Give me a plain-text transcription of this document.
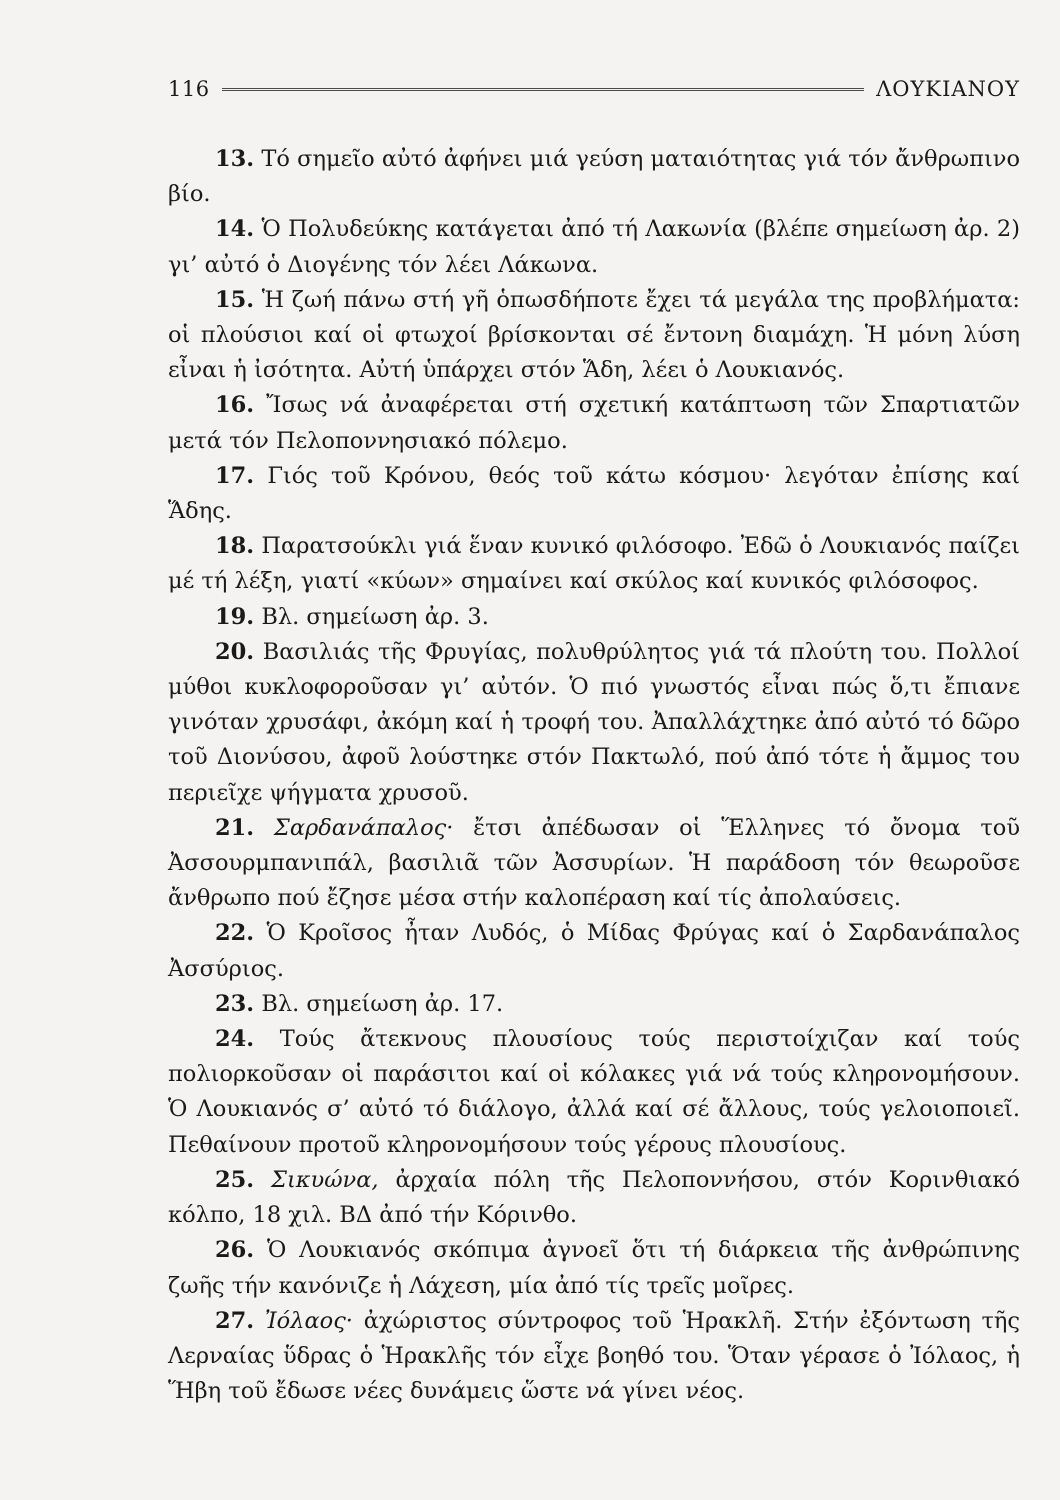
116	ΛΟΥΚΙΑΝΟΥ

13. Τό σημεῖο αὐτό ἀφήνει μιά γεύση ματαιότητας γιά τόν ἄνθρωπινο βίο.

14. Ὁ Πολυδεύκης κατάγεται ἀπό τή Λακωνία (βλέπε σημείωση ἀρ. 2) γι’ αὐτό ὁ Διογένης τόν λέει Λάκωνα.

15. Ἡ ζωή πάνω στή γῆ ὁπωσδήποτε ἔχει τά μεγάλα της προβλήματα: οἱ πλούσιοι καί οἱ φτωχοί βρίσκονται σέ ἔντονη διαμάχη. Ἡ μόνη λύση εἶναι ἡ ἰσότητα. Αὐτή ὑπάρχει στόν Ἅδη, λέει ὁ Λουκιανός.

16. Ἴσως νά ἀναφέρεται στή σχετική κατάπτωση τῶν Σπαρτιατῶν μετά τόν Πελοποννησιακό πόλεμο.

17. Γιός τοῦ Κρόνου, θεός τοῦ κάτω κόσμου· λεγόταν ἐπίσης καί Ἅδης.

18. Παρατσούκλι γιά ἕναν κυνικό φιλόσοφο. Ἐδῶ ὁ Λουκιανός παίζει μέ τή λέξη, γιατί «κύων» σημαίνει καί σκύλος καί κυνικός φιλόσοφος.

19. Βλ. σημείωση ἀρ. 3.

20. Βασιλιάς τῆς Φρυγίας, πολυθρύλητος γιά τά πλούτη του. Πολλοί μύθοι κυκλοφοροῦσαν γι’ αὐτόν. Ὁ πιό γνωστός εἶναι πώς ὅ,τι ἔπιανε γινόταν χρυσάφι, ἀκόμη καί ἡ τροφή του. Ἀπαλλάχτηκε ἀπό αὐτό τό δῶρο τοῦ Διονύσου, ἀφοῦ λούστηκε στόν Πακτωλό, πού ἀπό τότε ἡ ἄμμος του περιεῖχε ψήγματα χρυσοῦ.

21. Σαρδανάπαλος· ἔτσι ἀπέδωσαν οἱ Ἕλληνες τό ὄνομα τοῦ Ἀσσουρμπανιπάλ, βασιλιᾶ τῶν Ἀσσυρίων. Ἡ παράδοση τόν θεωροῦσε ἄνθρωπο πού ἔζησε μέσα στήν καλοπέραση καί τίς ἀπολαύσεις.

22. Ὁ Κροῖσος ἦταν Λυδός, ὁ Μίδας Φρύγας καί ὁ Σαρδανάπαλος Ἀσσύριος.

23. Βλ. σημείωση ἀρ. 17.

24. Τούς ἄτεκνους πλουσίους τούς περιστοίχιζαν καί τούς πολιορκοῦσαν οἱ παράσιτοι καί οἱ κόλακες γιά νά τούς κληρονομήσουν. Ὁ Λουκιανός σ’ αὐτό τό διάλογο, ἀλλά καί σέ ἄλλους, τούς γελοιοποιεῖ. Πεθαίνουν προτοῦ κληρονομήσουν τούς γέρους πλουσίους.

25. Σικυώνα, ἀρχαία πόλη τῆς Πελοποννήσου, στόν Κορινθιακό κόλπο, 18 χιλ. ΒΔ ἀπό τήν Κόρινθο.

26. Ὁ Λουκιανός σκόπιμα ἀγνοεῖ ὅτι τή διάρκεια τῆς ἀνθρώπινης ζωῆς τήν κανόνιζε ἡ Λάχεση, μία ἀπό τίς τρεῖς μοῖρες.

27. Ἰόλαος· ἀχώριστος σύντροφος τοῦ Ἡρακλῆ. Στήν ἐξόντωση τῆς Λερναίας ὕδρας ὁ Ἡρακλῆς τόν εἶχε βοηθό του. Ὅταν γέρασε ὁ Ἰόλαος, ἡ Ἥβη τοῦ ἔδωσε νέες δυνάμεις ὥστε νά γίνει νέος.
